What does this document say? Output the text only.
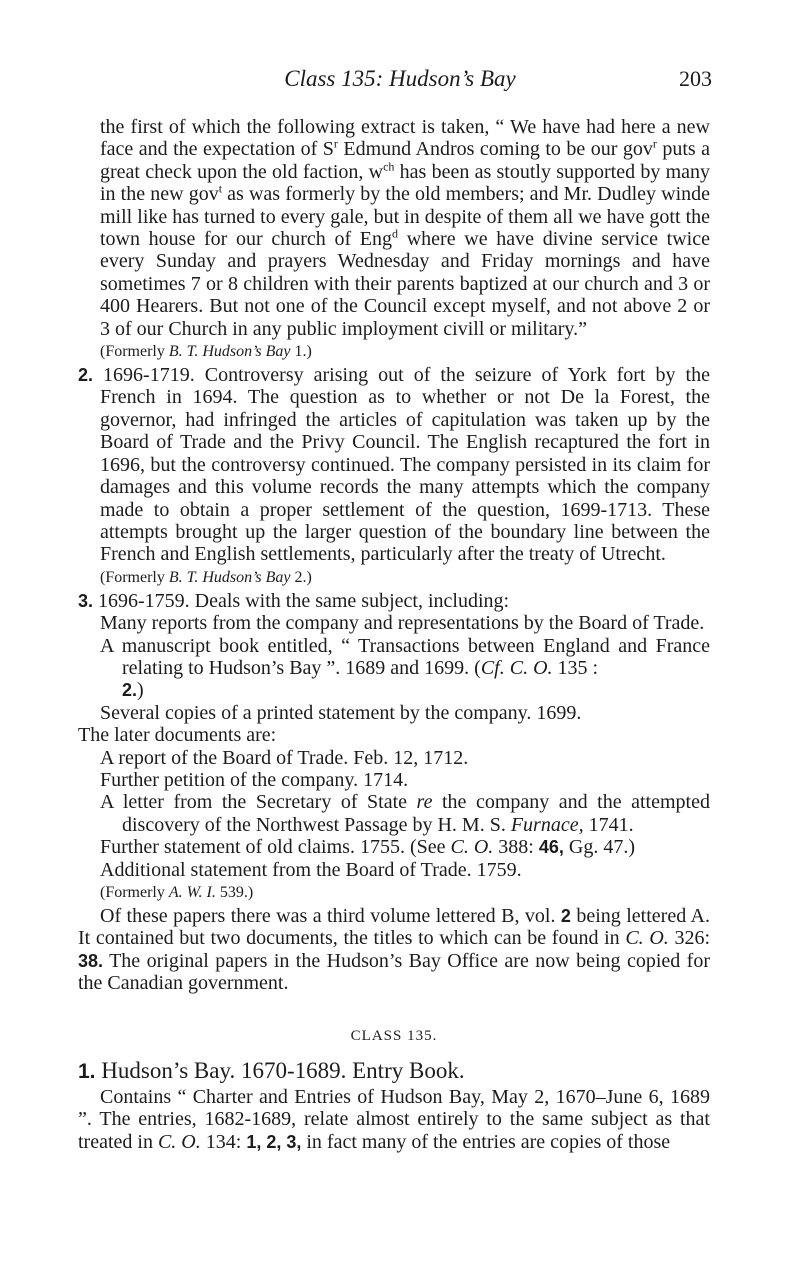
Class 135: Hudson’s Bay	203

the first of which the following extract is taken, “ We have had here a new face and the expectation of $S^r$ Edmund Andros coming to be our gov$^r$ puts a great check upon the old faction, $w^{ch}$ has been as stoutly supported by many in the new gov$^t$ as was formerly by the old members; and Mr. Dudley winde mill like has turned to every gale, but in despite of them all we have gott the town house for our church of Eng$^d$ where we have divine service twice every Sunday and prayers Wednesday and Friday mornings and have sometimes 7 or 8 children with their parents baptized at our church and 3 or 400 Hearers. But not one of the Council except myself, and not above 2 or 3 of our Church in any public imployment civill or military.”

(Formerly B. T. Hudson’s Bay 1.)

2. 1696-1719. Controversy arising out of the seizure of York fort by the French in 1694. The question as to whether or not De la Forest, the governor, had infringed the articles of capitulation was taken up by the Board of Trade and the Privy Council. The English recaptured the fort in 1696, but the controversy continued. The company persisted in its claim for damages and this volume records the many attempts which the company made to obtain a proper settlement of the question, 1699-1713. These attempts brought up the larger question of the boundary line between the French and English settlements, particularly after the treaty of Utrecht.

(Formerly B. T. Hudson’s Bay 2.)

3. 1696-1759. Deals with the same subject, including:

Many reports from the company and representations by the Board of Trade.

A manuscript book entitled, “ Transactions between England and France relating to Hudson’s Bay ”. 1689 and 1699. (Cf. C. O. 135 :
2.)

Several copies of a printed statement by the company. 1699.

The later documents are:

A report of the Board of Trade. Feb. 12, 1712.

Further petition of the company. 1714.

A letter from the Secretary of State re the company and the attempted discovery of the Northwest Passage by H. M. S. Furnace, 1741.

Further statement of old claims. 1755. (See C. O. 388: 46, Gg. 47.)

Additional statement from the Board of Trade. 1759.

(Formerly A. W. I. 539.)

Of these papers there was a third volume lettered B, vol. 2 being lettered A. It contained but two documents, the titles to which can be found in C. O. 326: 38. The original papers in the Hudson’s Bay Office are now being copied for the Canadian government.

CLASS 135.

1. Hudson’s Bay. 1670-1689. Entry Book.

Contains “ Charter and Entries of Hudson Bay, May 2, 1670–June 6, 1689 ”. The entries, 1682-1689, relate almost entirely to the same subject as that treated in C. O. 134: 1, 2, 3, in fact many of the entries are copies of those
